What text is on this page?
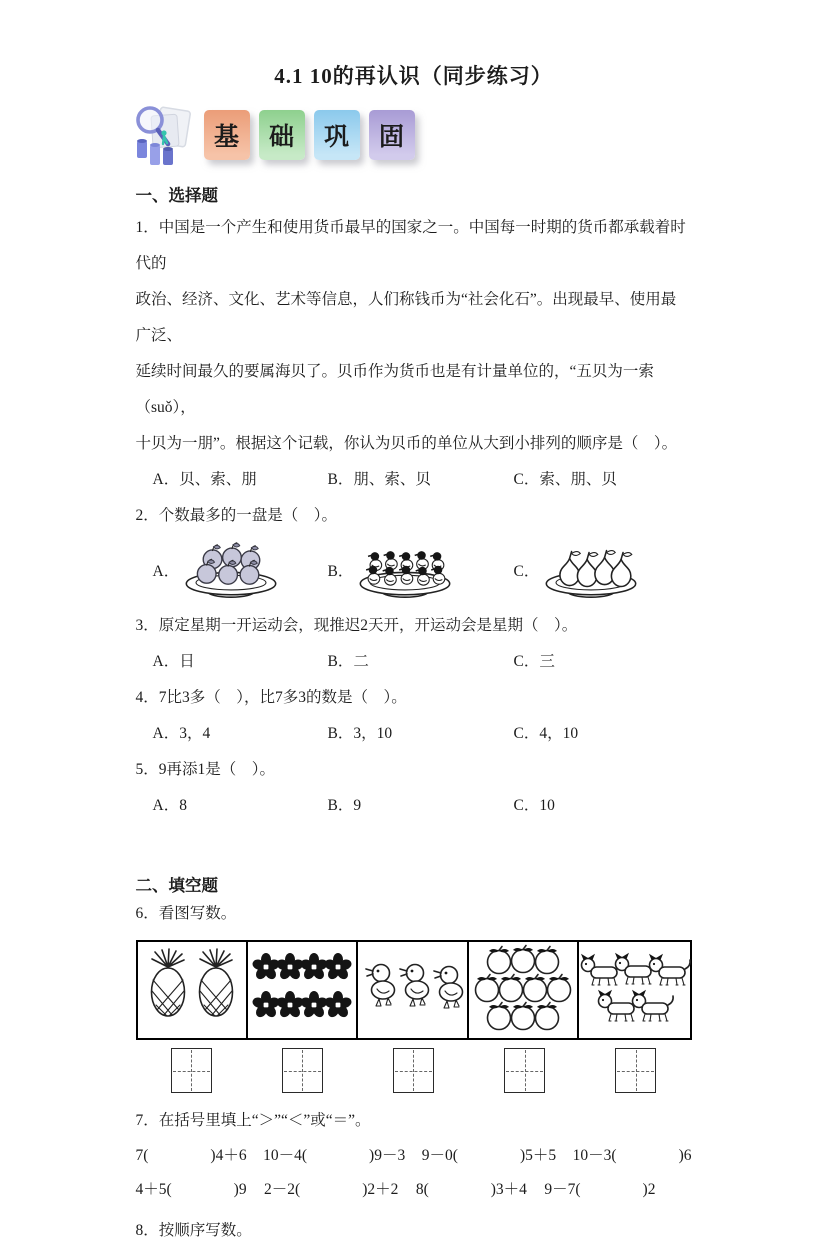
4.1 10的再认识（同步练习）
基	础	巩	固
一、选择题
1．中国是一个产生和使用货币最早的国家之一。中国每一时期的货币都承载着时代的
政治、经济、文化、艺术等信息，人们称钱币为“社会化石”。出现最早、使用最广泛、
延续时间最久的要属海贝了。贝币作为货币也是有计量单位的，“五贝为一索（suǒ），
十贝为一朋”。根据这个记载，你认为贝币的单位从大到小排列的顺序是（　）。
A．贝、索、朋	B．朋、索、贝	C．索、朋、贝
2．个数最多的一盘是（　）。
A．	B．	C．
3．原定星期一开运动会，现推迟2天开，开运动会是星期（　）。
A．日	B．二	C．三
4．7比3多（　），比7多3的数是（　）。
A．3，4	B．3，10	C．4，10
5．9再添1是（　）。
A．8	B．9	C．10
二、填空题
6．看图写数。
7．在括号里填上“＞”“＜”或“＝”。
7(　　　　)4＋6 10－4(　　　　)9－3 9－0(　　　　)5＋5 10－3(　　　　)6
4＋5(　　　　)9 2－2(　　　　)2＋2 8(　　　　)3＋4 9－7(　　　　)2
8．按顺序写数。
